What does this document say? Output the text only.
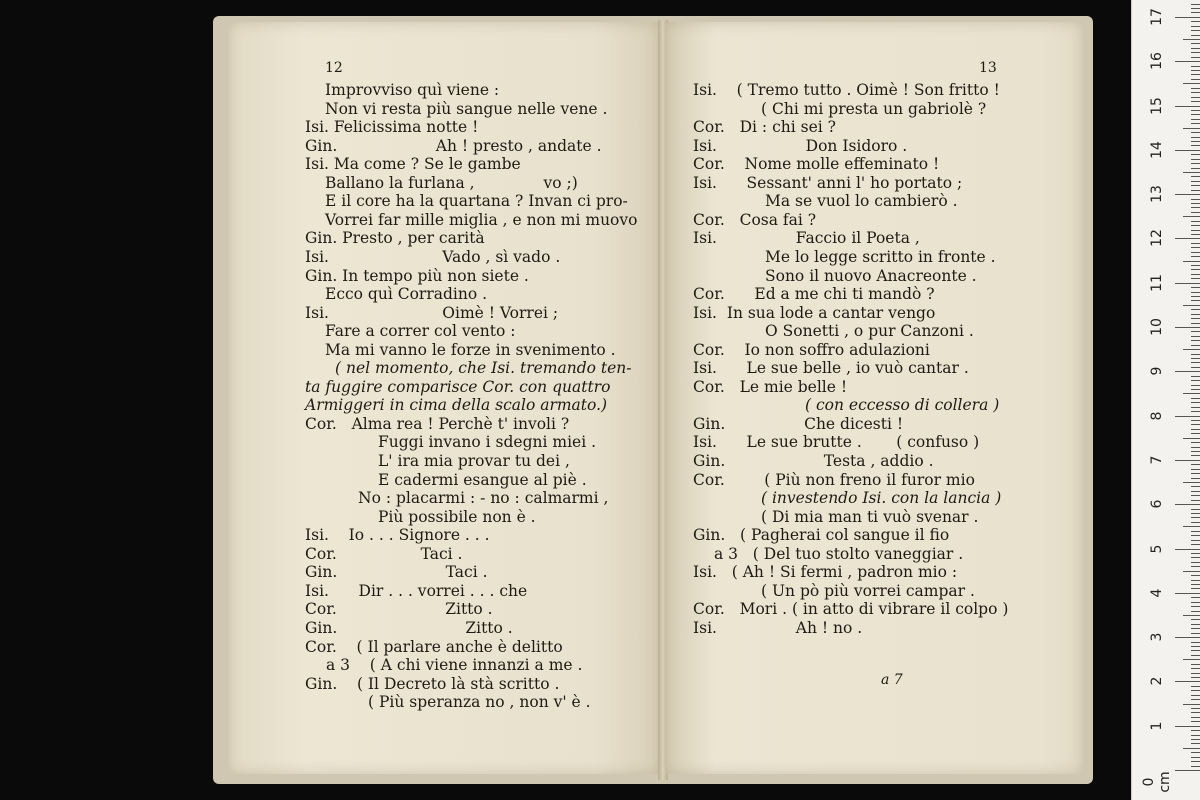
12
Improvviso quì viene :
Non vi resta più sangue nelle vene .
Isi. Felicissima notte !
Gin.                    Ah ! presto , andate .
Isi. Ma come ? Se le gambe
Ballano la furlana ,              vo ;)
E il core ha la quartana ? Invan ci pro-
Vorrei far mille miglia , e non mi muovo
Gin. Presto , per carità
Isi.                       Vado , sì vado .
Gin. In tempo più non siete .
Ecco quì Corradino .
Isi.                       Oimè ! Vorrei ;
Fare a correr col vento :
Ma mi vanno le forze in svenimento .
( nel momento, che Isi. tremando ten-
ta fuggire comparisce Cor. con quattro
Armiggeri in cima della scalo armato.)
Cor.   Alma rea ! Perchè t' involi ?
Fuggi invano i sdegni miei .
L' ira mia provar tu dei ,
E cadermi esangue al piè .
No : placarmi : - no : calmarmi ,
Più possibile non è .
Isi.    Io . . . Signore . . .
Cor.                 Taci .
Gin.                      Taci .
Isi.      Dir . . . vorrei . . . che
Cor.                      Zitto .
Gin.                          Zitto .
Cor.    ( Il parlare anche è delitto
a 3    ( A chi viene innanzi a me .
Gin.    ( Il Decreto là stà scritto .
( Più speranza no , non v' è .
13
a 7
Isi.    ( Tremo tutto . Oimè ! Son fritto !
( Chi mi presta un gabriolè ?
Cor.   Di : chi sei ?
Isi.                  Don Isidoro .
Cor.    Nome molle effeminato !
Isi.      Sessant' anni l' ho portato ;
Ma se vuol lo cambierò .
Cor.   Cosa fai ?
Isi.                Faccio il Poeta ,
Me lo legge scritto in fronte .
Sono il nuovo Anacreonte .
Cor.      Ed a me chi ti mandò ?
Isi.  In sua lode a cantar vengo
O Sonetti , o pur Canzoni .
Cor.    Io non soffro adulazioni
Isi.      Le sue belle , io vuò cantar .
Cor.   Le mie belle !
( con eccesso di collera )
Gin.                Che dicesti !
Isi.      Le sue brutte .       ( confuso )
Gin.                    Testa , addio .
Cor.        ( Più non freno il furor mio
( investendo Isi. con la lancia )
( Di mia man ti vuò svenar .
Gin.   ( Pagherai col sangue il fio
a 3   ( Del tuo stolto vaneggiar .
Isi.   ( Ah ! Si fermi , padron mio :
( Un pò più vorrei campar .
Cor.   Mori . ( in atto di vibrare il colpo )
Isi.                Ah ! no .
0 cm
1
2
3
4
5
6
7
8
9
10
11
12
13
14
15
16
17
